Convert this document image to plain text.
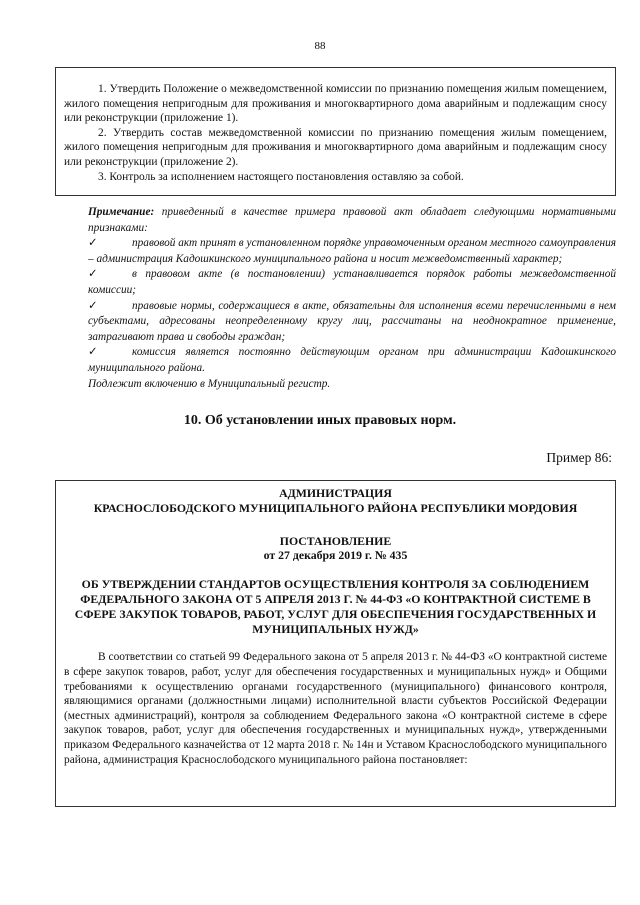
88

1. Утвердить Положение о межведомственной комиссии по признанию помещения жилым помещением, жилого помещения непригодным для проживания и многоквартирного дома аварийным и подлежащим сносу или реконструкции (приложение 1).

2. Утвердить состав межведомственной комиссии по признанию помещения жилым помещением, жилого помещения непригодным для проживания и многоквартирного дома аварийным и подлежащим сносу или реконструкции (приложение 2).

3. Контроль за исполнением настоящего постановления оставляю за собой.

Примечание: приведенный в качестве примера правовой акт обладает следующими нормативными признаками:

✓	правовой акт принят в установленном порядке управомоченным органом местного самоуправления – администрация Кадошкинского муниципального района и носит межведомственный характер;

✓	в правовом акте (в постановлении) устанавливается порядок работы межведомственной комиссии;

✓	правовые нормы, содержащиеся в акте, обязательны для исполнения всеми перечисленными в нем субъектами, адресованы неопределенному кругу лиц, рассчитаны на неоднократное применение, затрагивают права и свободы граждан;

✓	комиссия является постоянно действующим органом при администрации Кадошкинского муниципального района.

Подлежит включению в Муниципальный регистр.

10. Об установлении иных правовых норм.
Пример 86:

АДМИНИСТРАЦИЯ

КРАСНОСЛОБОДСКОГО МУНИЦИПАЛЬНОГО РАЙОНА РЕСПУБЛИКИ МОРДОВИЯ

ПОСТАНОВЛЕНИЕ

от 27 декабря 2019 г. № 435

ОБ УТВЕРЖДЕНИИ СТАНДАРТОВ ОСУЩЕСТВЛЕНИЯ КОНТРОЛЯ ЗА СОБЛЮДЕНИЕМ ФЕДЕРАЛЬНОГО ЗАКОНА ОТ 5 АПРЕЛЯ 2013 Г. № 44-ФЗ «О КОНТРАКТНОЙ СИСТЕМЕ В СФЕРЕ ЗАКУПОК ТОВАРОВ, РАБОТ, УСЛУГ ДЛЯ ОБЕСПЕЧЕНИЯ ГОСУДАРСТВЕННЫХ И МУНИЦИПАЛЬНЫХ НУЖД»

В соответствии со статьей 99 Федерального закона от 5 апреля 2013 г. № 44-ФЗ «О контрактной системе в сфере закупок товаров, работ, услуг для обеспечения государственных и муниципальных нужд» и Общими требованиями к осуществлению органами государственного (муниципального) финансового контроля, являющимися органами (должностными лицами) исполнительной власти субъектов Российской Федерации (местных администраций), контроля за соблюдением Федерального закона «О контрактной системе в сфере закупок товаров, работ, услуг для обеспечения государственных и муниципальных нужд», утвержденными приказом Федерального казначейства от 12 марта 2018 г. № 14н и Уставом Краснослободского муниципального района, администрация Краснослободского муниципального района постановляет:
